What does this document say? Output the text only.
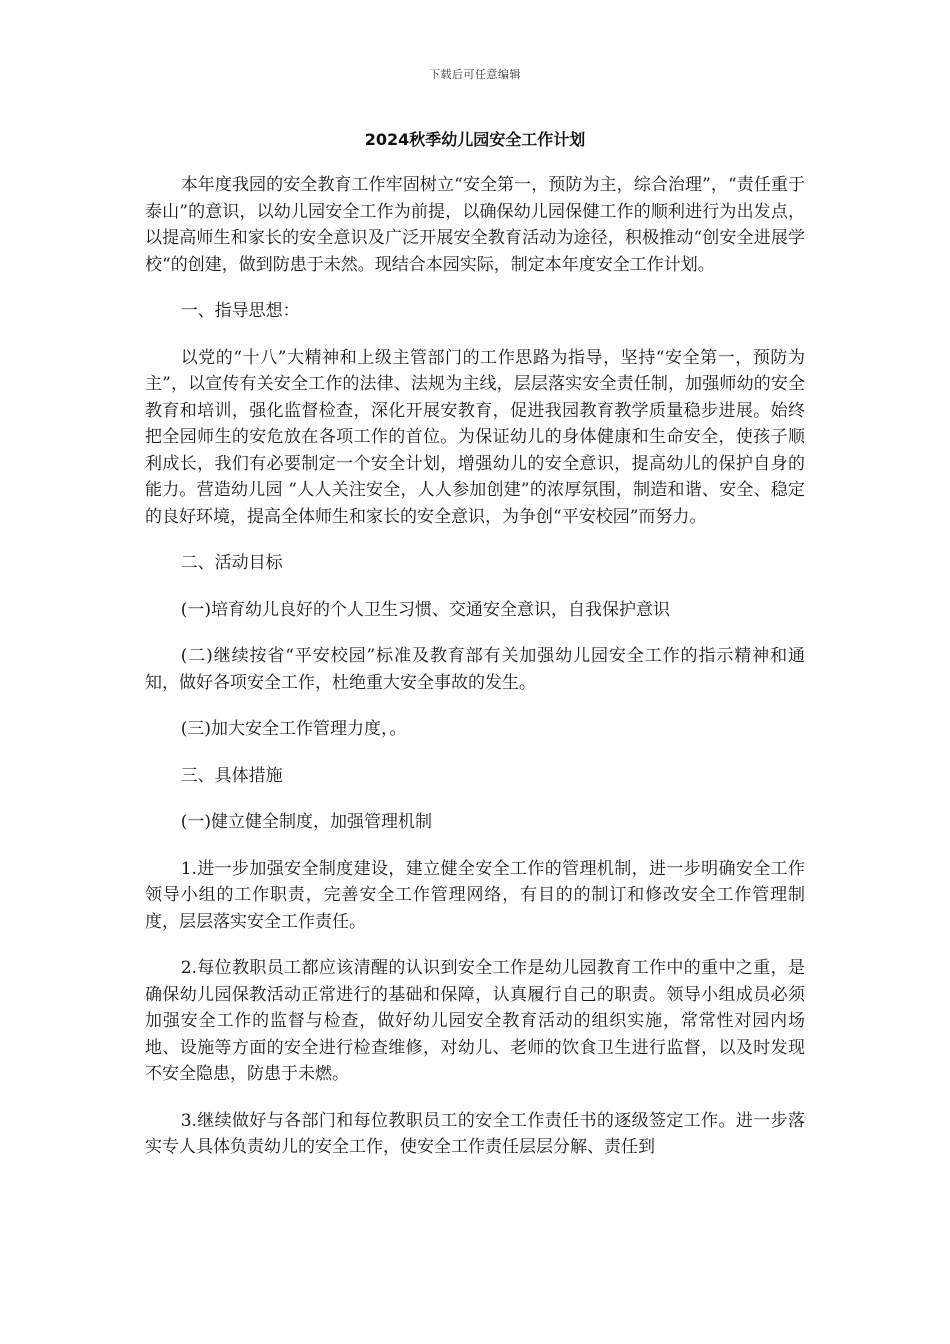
下载后可任意编辑
2024秋季幼儿园安全工作计划

本年度我园的安全教育工作牢固树立“安全第一，预防为主，综合治理”，“责任重于泰山”的意识，以幼儿园安全工作为前提，以确保幼儿园保健工作的顺利进行为出发点，以提高师生和家长的安全意识及广泛开展安全教育活动为途径，积极推动“创安全进展学校“的创建，做到防患于未然。现结合本园实际，制定本年度安全工作计划。

一、指导思想：

以党的“十八”大精神和上级主管部门的工作思路为指导，坚持“安全第一，预防为主”，以宣传有关安全工作的法律、法规为主线，层层落实安全责任制，加强师幼的安全教育和培训，强化监督检查，深化开展安教育，促进我园教育教学质量稳步进展。始终把全园师生的安危放在各项工作的首位。为保证幼儿的身体健康和生命安全，使孩子顺利成长，我们有必要制定一个安全计划，增强幼儿的安全意识，提高幼儿的保护自身的能力。营造幼儿园 “人人关注安全，人人参加创建”的浓厚氛围，制造和谐、安全、稳定的良好环境，提高全体师生和家长的安全意识，为争创“平安校园”而努力。

二、活动目标

(一)培育幼儿良好的个人卫生习惯、交通安全意识，自我保护意识

(二)继续按省“平安校园”标准及教育部有关加强幼儿园安全工作的指示精神和通知，做好各项安全工作，杜绝重大安全事故的发生。

(三)加大安全工作管理力度，。

三、具体措施

(一)健立健全制度，加强管理机制

1.进一步加强安全制度建设，建立健全安全工作的管理机制，进一步明确安全工作领导小组的工作职责，完善安全工作管理网络，有目的的制订和修改安全工作管理制度，层层落实安全工作责任。

2.每位教职员工都应该清醒的认识到安全工作是幼儿园教育工作中的重中之重，是确保幼儿园保教活动正常进行的基础和保障，认真履行自己的职责。领导小组成员必须加强安全工作的监督与检查，做好幼儿园安全教育活动的组织实施，常常性对园内场地、设施等方面的安全进行检查维修，对幼儿、老师的饮食卫生进行监督，以及时发现不安全隐患，防患于未燃。

3.继续做好与各部门和每位教职员工的安全工作责任书的逐级签定工作。进一步落实专人具体负责幼儿的安全工作，使安全工作责任层层分解、责任到
